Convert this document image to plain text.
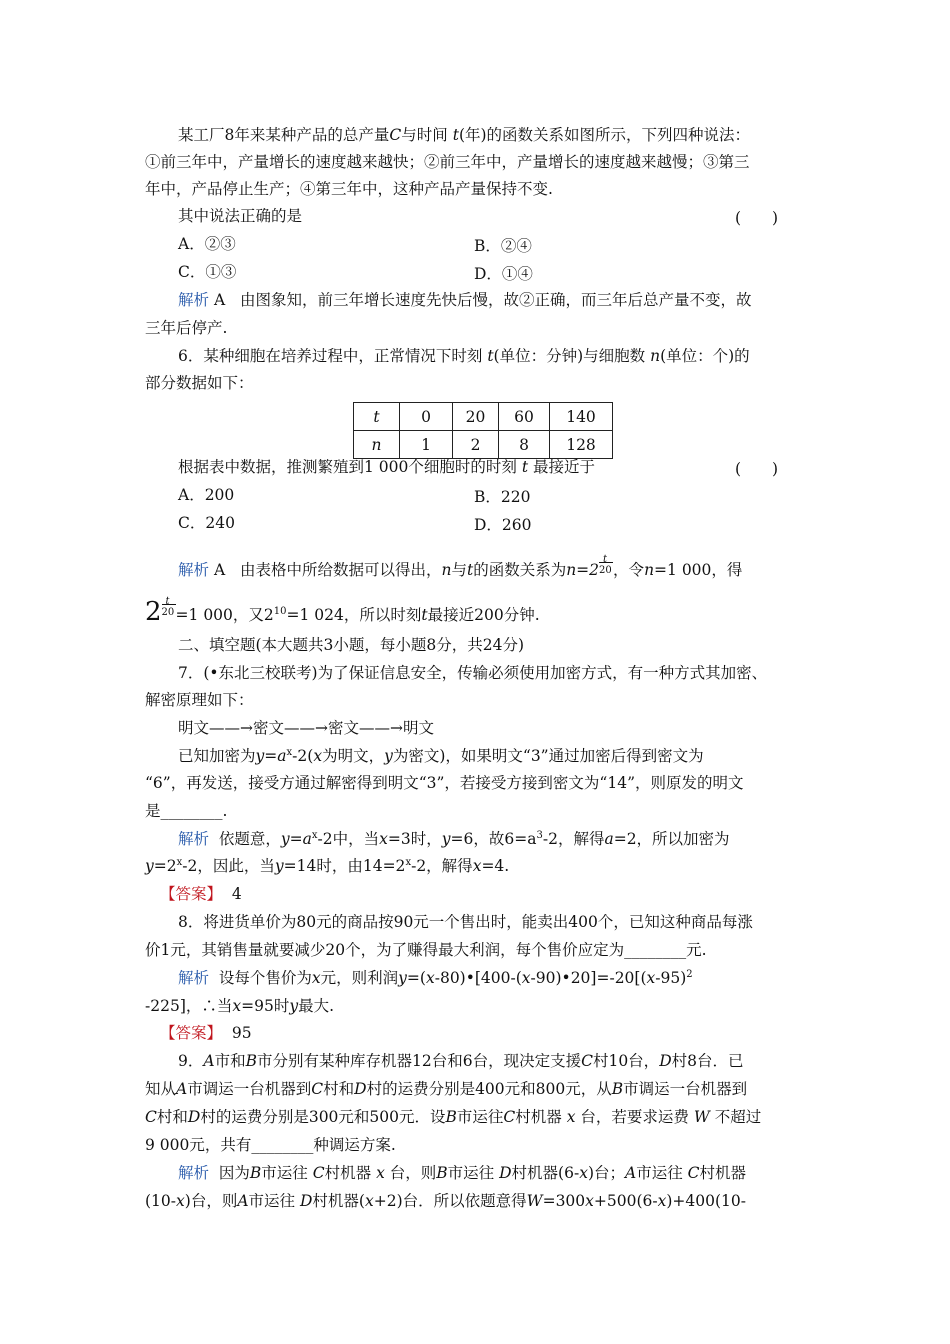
某工厂8年来某种产品的总产量C与时间 t(年)的函数关系如图所示，下列四种说法：
①前三年中，产量增长的速度越来越快；②前三年中，产量增长的速度越来越慢；③第三
年中，产品停止生产；④第三年中，这种产品产量保持不变.
其中说法正确的是	(　　)
A．②③	B．②④
C．①③	D．①④
解析 A 由图象知，前三年增长速度先快后慢，故②正确，而三年后总产量不变，故
三年后停产.
6．某种细胞在培养过程中，正常情况下时刻 t(单位：分钟)与细胞数 n(单位：个)的
部分数据如下：
t	0	20	60	140
n	1	2	8	128
根据表中数据，推测繁殖到1 000个细胞时的时刻 t 最接近于	(　　)
A．200	B．220
C．240	D．260
解析 A 由表格中所给数据可以得出，n与t的函数关系为n=2
t
20 ，令n=1 000，得
2 t
20 =1 000，又$2^{10}=1$ 024，所以时刻t最接近200分钟.
二、填空题(本大题共3小题，每小题8分，共24分)
7．(•东北三校联考)为了保证信息安全，传输必须使用加密方式，有一种方式其加密、
解密原理如下：
明文——→密文——→密文——→明文
已知加密为$y=a^x-2(x$为明文，y为密文)，如果明文“3”通过加密后得到密文为
“6”，再发送，接受方通过解密得到明文“3”，若接受方接到密文为“14”，则原发的明文
是________.
解析 依题意，$y=a^x-2$中，当x=3时，y=6，故$6=a^3-2$，解得a=2，所以加密为
$y=2^x-2$，因此，当y=14时，由$14=2^x-2$，解得x=4.
【答案】 4
8．将进货单价为80元的商品按90元一个售出时，能卖出400个，已知这种商品每涨
价1元，其销售量就要减少20个，为了赚得最大利润，每个售价应定为________元.
解析 设每个售价为x元，则利润$y=(x-80)•[400-(x-90)•20]=-20[(x-95)^2$
-225]，∴当x=95时y最大.
【答案】 95
9．A市和B市分别有某种库存机器12台和6台，现决定支援C村10台，D村8台．已
知从A市调运一台机器到C村和D村的运费分别是400元和800元，从B市调运一台机器到
C村和D村的运费分别是300元和500元．设B市运往C村机器 x 台，若要求运费 W 不超过
9 000元，共有________种调运方案.
解析 因为B市运往 C村机器 x 台，则B市运往 D村机器(6-x)台；A市运往 C村机器
(10-x)台，则A市运往 D村机器(x+2)台．所以依题意得W=300x+500(6-x)+400(10-
